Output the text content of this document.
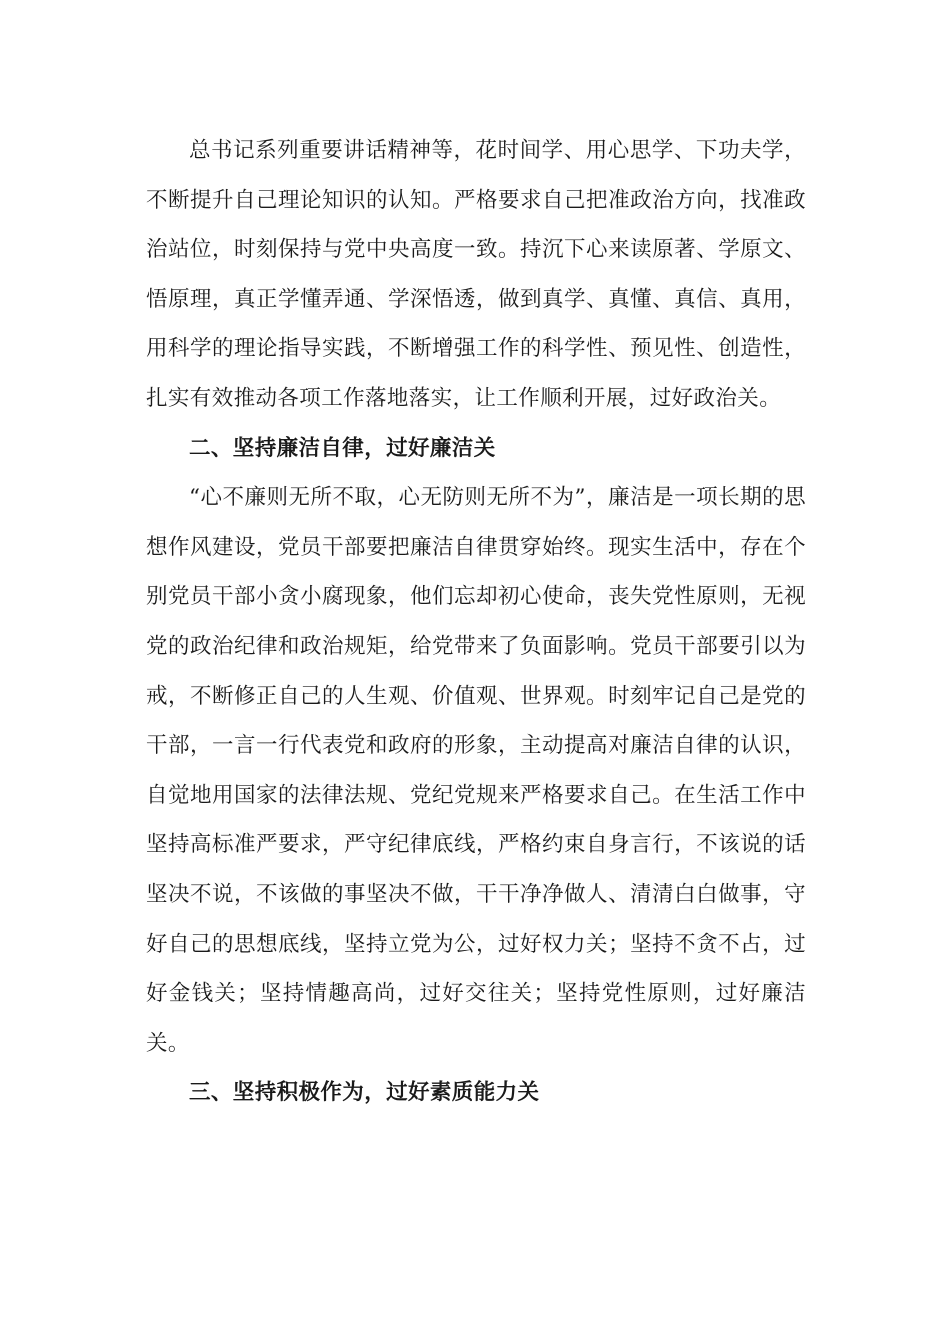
总书记系列重要讲话精神等，花时间学、用心思学、下功夫学，不断提升自己理论知识的认知。严格要求自己把准政治方向，找准政治站位，时刻保持与党中央高度一致。持沉下心来读原著、学原文、悟原理，真正学懂弄通、学深悟透，做到真学、真懂、真信、真用，用科学的理论指导实践，不断增强工作的科学性、预见性、创造性，扎实有效推动各项工作落地落实，让工作顺利开展，过好政治关。

二、坚持廉洁自律，过好廉洁关

“心不廉则无所不取，心无防则无所不为”，廉洁是一项长期的思想作风建设，党员干部要把廉洁自律贯穿始终。现实生活中，存在个别党员干部小贪小腐现象，他们忘却初心使命，丧失党性原则，无视党的政治纪律和政治规矩，给党带来了负面影响。党员干部要引以为戒，不断修正自己的人生观、价值观、世界观。时刻牢记自己是党的干部，一言一行代表党和政府的形象，主动提高对廉洁自律的认识，自觉地用国家的法律法规、党纪党规来严格要求自己。在生活工作中坚持高标准严要求，严守纪律底线，严格约束自身言行，不该说的话坚决不说，不该做的事坚决不做，干干净净做人、清清白白做事，守好自己的思想底线，坚持立党为公，过好权力关；坚持不贪不占，过好金钱关；坚持情趣高尚，过好交往关；坚持党性原则，过好廉洁关。

三、坚持积极作为，过好素质能力关
